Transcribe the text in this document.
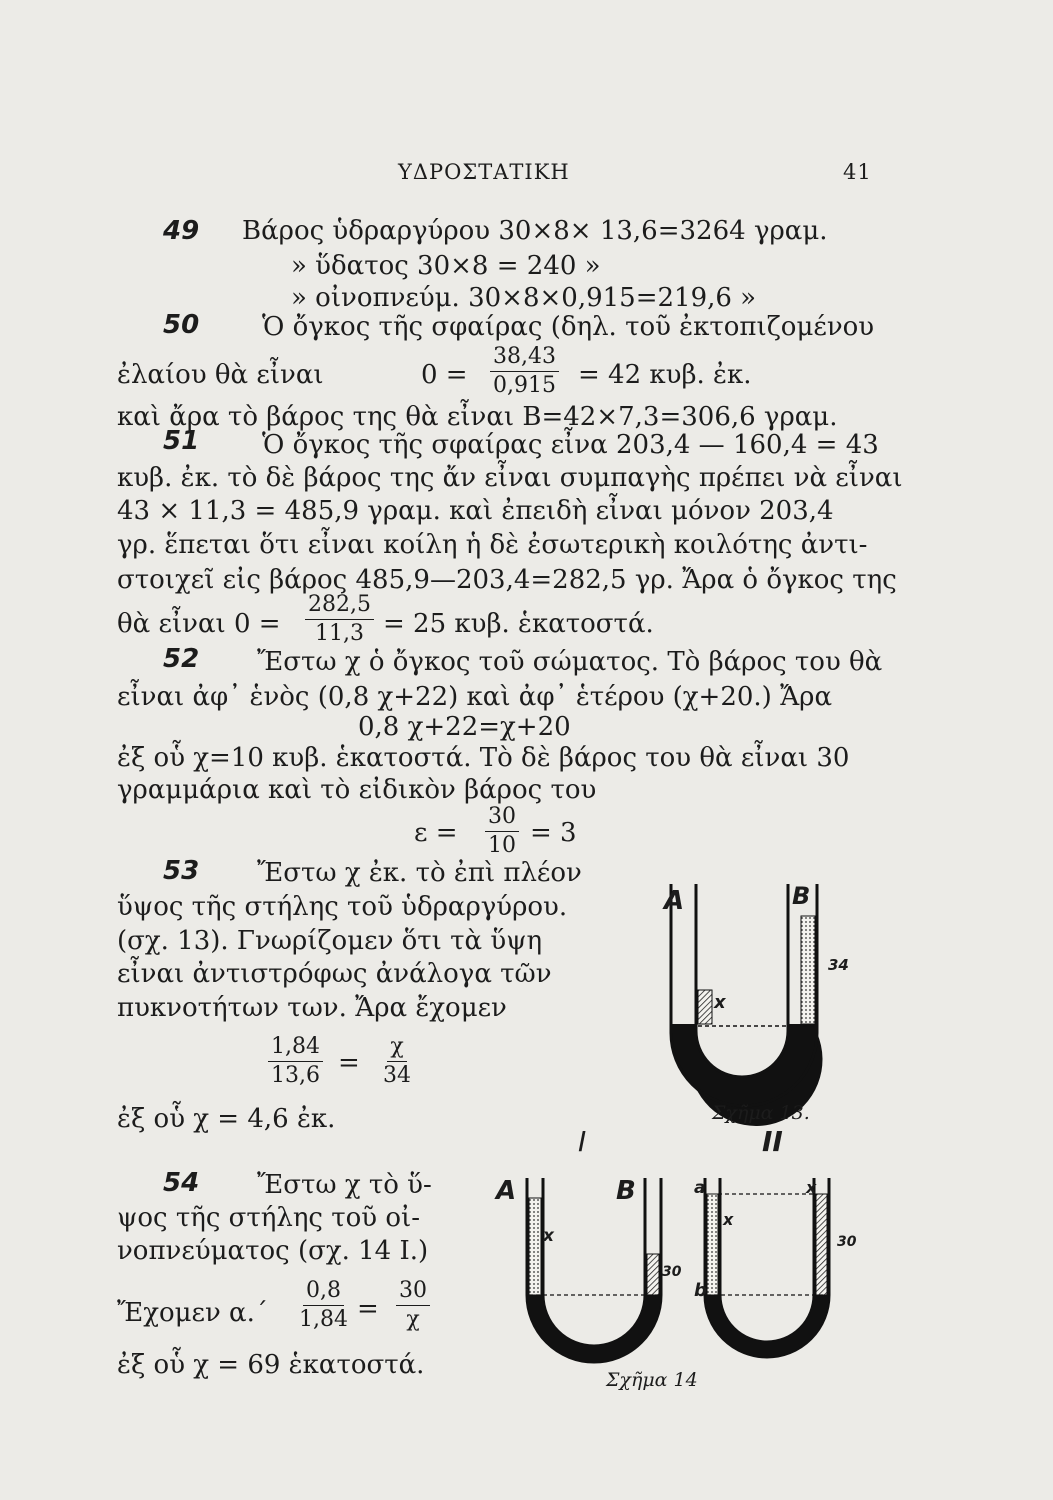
ΥΔΡΟΣΤΑΤΙΚΗ	41
49 Βάρος ὑδραργύρου 30×8× 13,6=3264 γραμ.
» ὕδατος 30×8 = 240 »
» οἰνοπνεύμ. 30×8×0,915=219,6 »
50 Ὁ ὄγκος τῆς σφαίρας (δηλ. τοῦ ἐκτοπιζομένου
ἐλαίου θὰ εἶναι	$0 = \frac{38,43}{0,915} = 42$ κυβ. ἐκ.
καὶ ἄρα τὸ βάρος της θὰ εἶναι Β=42×7,3=306,6 γραμ.
51 Ὁ ὄγκος τῆς σφαίρας εἶνα 203,4 — 160,4 = 43
κυβ. ἐκ. τὸ δὲ βάρος της ἄν εἶναι συμπαγὴς πρέπει νὰ εἶναι
43 × 11,3 = 485,9 γραμ. καὶ ἐπειδὴ εἶναι μόνον 203,4
γρ. ἕπεται ὅτι εἶναι κοίλη ἡ δὲ ἐσωτερικὴ κοιλότης ἀντι-
στοιχεῖ εἰς βάρος 485,9—203,4=282,5 γρ. Ἄρα ὁ ὄγκος της
θὰ εἶναι $0 = \frac{282,5}{11,3} = 25$ κυβ. ἑκατοστά.
52 Ἔστω χ ὁ ὄγκος τοῦ σώματος. Τὸ βάρος του θὰ
εἶναι ἀφ᾽ ἑνὸς (0,8 χ+22) καὶ ἀφ᾽ ἑτέρου (χ+20.) Ἄρα
0,8 χ+22=χ+20
ἐξ οὗ χ=10 κυβ. ἑκατοστά. Τὸ δὲ βάρος του θὰ εἶναι 30
γραμμάρια καὶ τὸ εἰδικὸν βάρος του
$\varepsilon = \frac{30}{10} = 3$
53 Ἔστω χ ἐκ. τὸ ἐπὶ πλέον
ὕψος τῆς στήλης τοῦ ὑδραργύρου.
(σχ. 13). Γνωρίζομεν ὅτι τὰ ὕψη
εἶναι ἀντιστρόφως ἀνάλογα τῶν
πυκνοτήτων των. Ἄρα ἔχομεν
$\frac{1,84}{13,6} = \frac{\chi}{34}$
ἐξ οὗ χ = 4,6 ἐκ.
54 Ἔστω χ τὸ ὕ-
ψος τῆς στήλης τοῦ οἰ-
νοπνεύματος (σχ. 14 Ι.)
Ἔχομεν $\alpha.΄ \frac{0,8}{1,84} = \frac{30}{\chi}$
ἐξ οὗ χ = 69 ἑκατοστά.
A	B
x
34
Σχῆμα 13.
I	II
A	B
x
30
a
b
x
x
30
Σχῆμα 14
